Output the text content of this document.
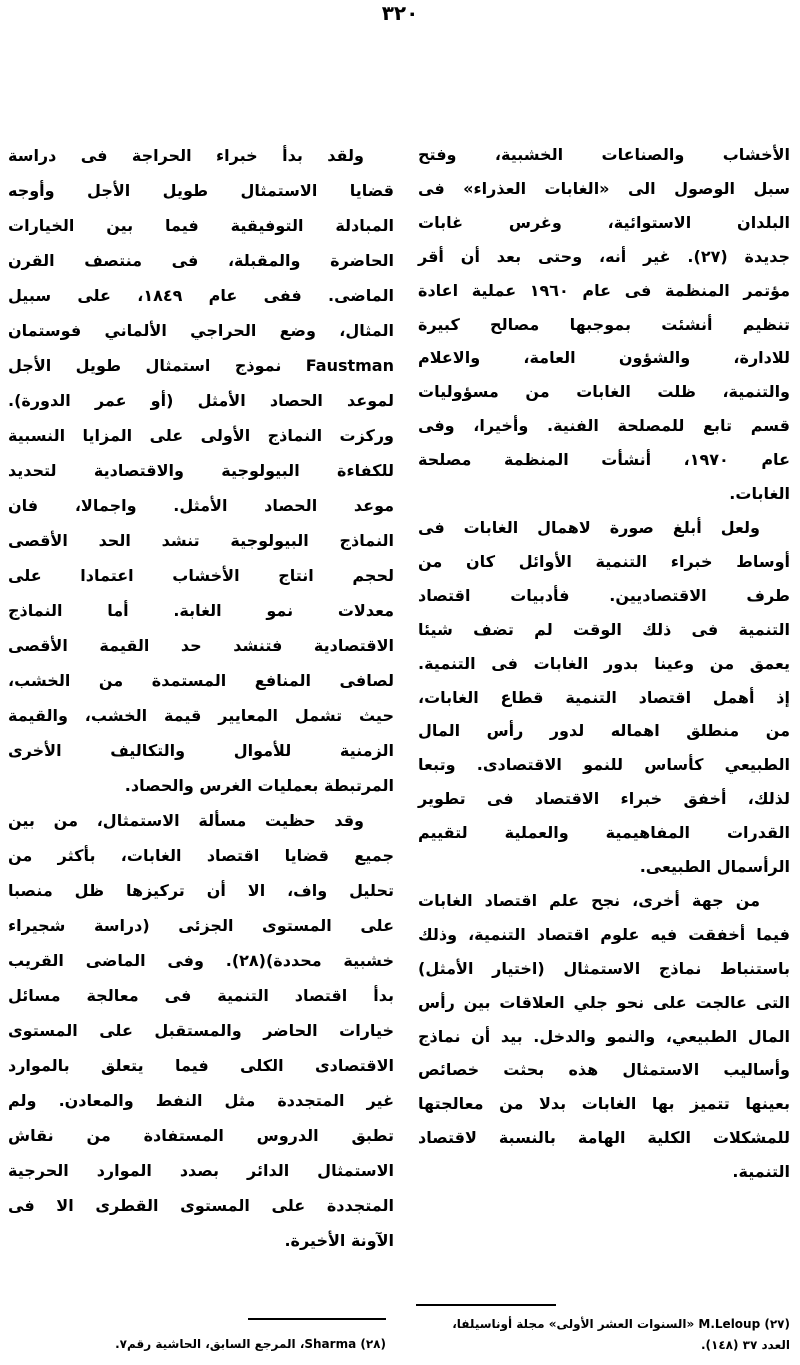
٣٢٠
الأخشاب والصناعات الخشبية، وفتح
سبل الوصول الى «الغابات العذراء» فى
البلدان الاستوائية، وغرس غابات
جديدة (٢٧). غير أنه، وحتى بعد أن أقر
مؤتمر المنظمة فى عام ١٩٦٠ عملية اعادة
تنظيم أنشئت بموجبها مصالح كبيرة
للادارة، والشؤون العامة، والاعلام
والتنمية، ظلت الغابات من مسؤوليات
قسم تابع للمصلحة الفنية. وأخيرا، وفى
عام ١٩٧٠، أنشأت المنظمة مصلحة
الغابات.
ولعل أبلغ صورة لاهمال الغابات فى
أوساط خبراء التنمية الأوائل كان من
طرف الاقتصاديين. فأدبيات اقتصاد
التنمية فى ذلك الوقت لم تضف شيئا
يعمق من وعينا بدور الغابات فى التنمية.
إذ أهمل اقتصاد التنمية قطاع الغابات،
من منطلق اهماله لدور رأس المال
الطبيعي كأساس للنمو الاقتصادى. وتبعا
لذلك، أخفق خبراء الاقتصاد فى تطوير
القدرات المفاهيمية والعملية لتقييم
الرأسمال الطبيعى.
من جهة أخرى، نجح علم اقتصاد الغابات
فيما أخفقت فيه علوم اقتصاد التنمية، وذلك
باستنباط نماذج الاستمثال (اختيار الأمثل)
التى عالجت على نحو جلي العلاقات بين رأس
المال الطبيعي، والنمو والدخل. بيد أن نماذج
وأساليب الاستمثال هذه بحثت خصائص
بعينها تتميز بها الغابات بدلا من معالجتها
للمشكلات الكلية الهامة بالنسبة لاقتصاد
التنمية.
ولقد بدأ خبراء الحراجة فى دراسة
قضايا الاستمثال طويل الأجل وأوجه
المبادلة التوفيقية فيما بين الخيارات
الحاضرة والمقبلة، فى منتصف القرن
الماضى. ففى عام ١٨٤٩، على سبيل
المثال، وضع الحراجي الألماني فوستمان
Faustman نموذج استمثال طويل الأجل
لموعد الحصاد الأمثل (أو عمر الدورة).
وركزت النماذج الأولى على المزايا النسبية
للكفاءة البيولوجية والاقتصادية لتحديد
موعد الحصاد الأمثل. واجمالا، فان
النماذج البيولوجية تنشد الحد الأقصى
لحجم انتاج الأخشاب اعتمادا على
معدلات نمو الغابة. أما النماذج
الاقتصادية فتنشد حد القيمة الأقصى
لصافى المنافع المستمدة من الخشب،
حيث تشمل المعايير قيمة الخشب، والقيمة
الزمنية للأموال والتكاليف الأخرى
المرتبطة بعمليات الغرس والحصاد.
وقد حظيت مسألة الاستمثال، من بين
جميع قضايا اقتصاد الغابات، بأكثر من
تحليل واف، الا أن تركيزها ظل منصبا
على المستوى الجزئى (دراسة شجيراء
خشبية محددة)(٢٨). وفى الماضى القريب
بدأ اقتصاد التنمية فى معالجة مسائل
خيارات الحاضر والمستقبل على المستوى
الاقتصادى الكلى فيما يتعلق بالموارد
غير المتجددة مثل النفط والمعادن. ولم
تطبق الدروس المستفادة من نقاش
الاستمثال الدائر بصدد الموارد الحرجية
المتجددة على المستوى القطرى الا فى
الآونة الأخيرة.
(٢٧) M.Leloup «السنوات العشر الأولى» مجلة أوناسيلفا،
العدد ٣٧ (١٤٨).
(٢٨) Sharma، المرجع السابق، الحاشية رقم٧.
